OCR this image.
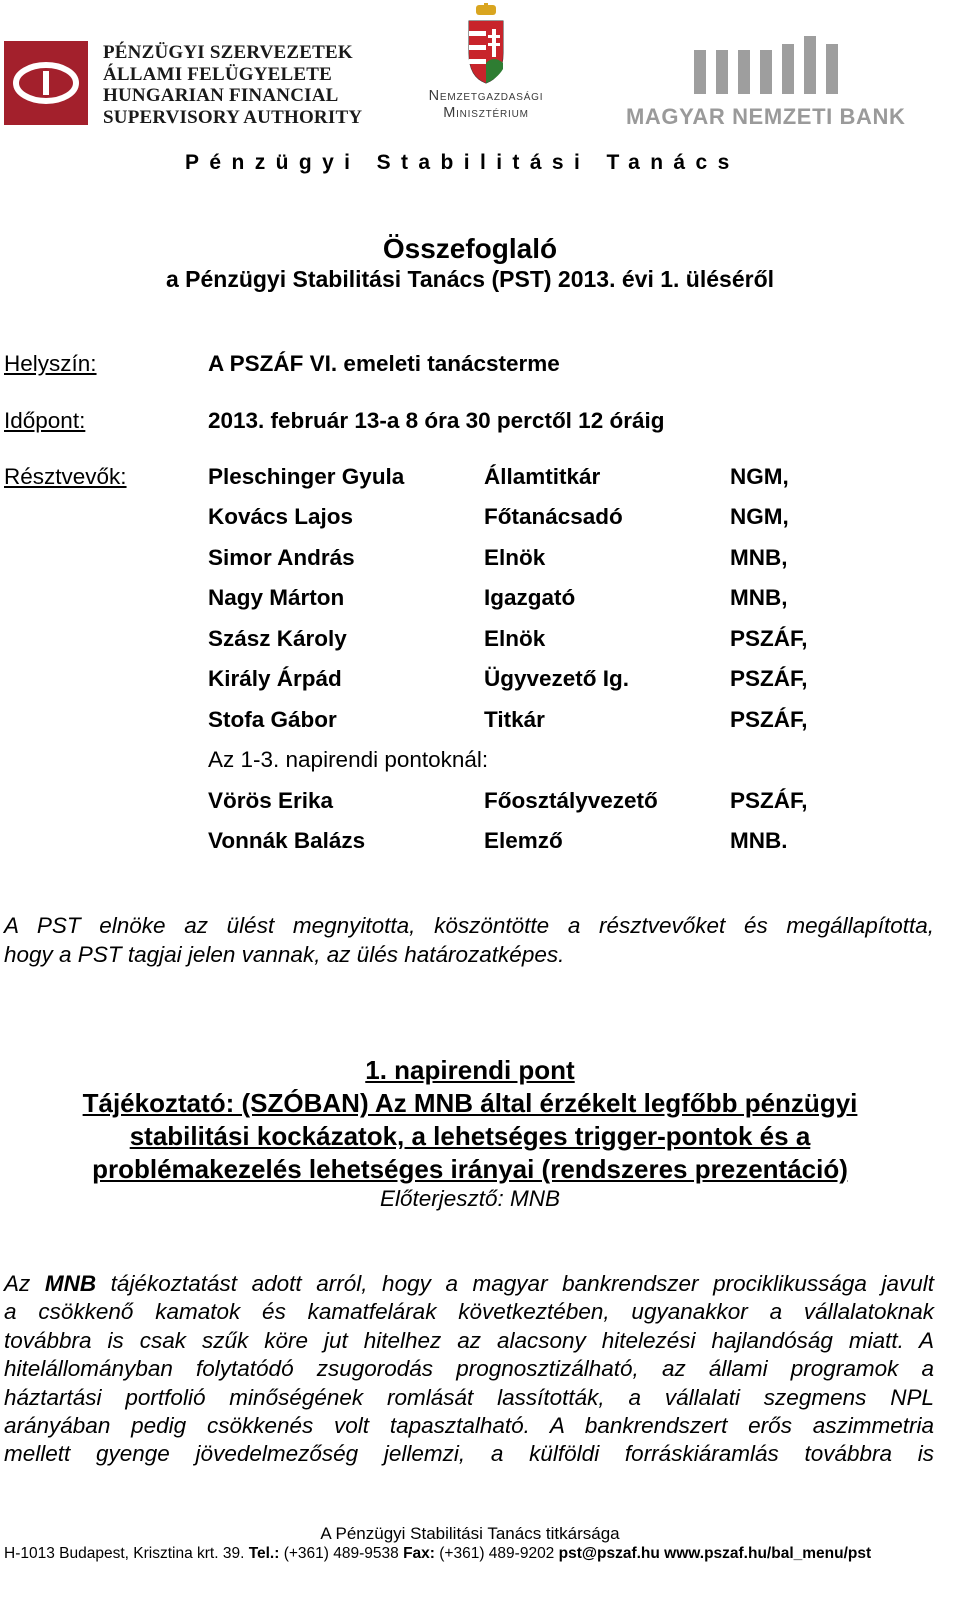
PÉNZÜGYI SZERVEZETEK
ÁLLAMI FELÜGYELETE
HUNGARIAN FINANCIAL
SUPERVISORY AUTHORITY
Nemzetgazdasági
Minisztérium	MAGYAR NEMZETI BANK
Pénzügyi Stabilitási Tanács
Összefoglaló
a Pénzügyi Stabilitási Tanács (PST) 2013. évi 1. üléséről
Helyszín:	A PSZÁF VI. emeleti tanácsterme
Időpont:	2013. február 13-a 8 óra 30 perctől 12 óráig
Résztvevők:	Pleschinger Gyula	Államtitkár	NGM,
Kovács Lajos	Főtanácsadó	NGM,
Simor András	Elnök	MNB,
Nagy Márton	Igazgató	MNB,
Szász Károly	Elnök	PSZÁF,
Király Árpád	Ügyvezető Ig.	PSZÁF,
Stofa Gábor	Titkár	PSZÁF,
Az 1-3. napirendi pontoknál:
Vörös Erika	Főosztályvezető	PSZÁF,
Vonnák Balázs	Elemző	MNB.
A PST elnöke az ülést megnyitotta, köszöntötte a résztvevőket és megállapította,
hogy a PST tagjai jelen vannak, az ülés határozatképes.
1. napirendi pont
Tájékoztató: (SZÓBAN) Az MNB által érzékelt legfőbb pénzügyi
stabilitási kockázatok, a lehetséges trigger-pontok és a
problémakezelés lehetséges irányai (rendszeres prezentáció)
Előterjesztő: MNB
Az MNB tájékoztatást adott arról, hogy a magyar bankrendszer prociklikussága javult
a csökkenő kamatok és kamatfelárak következtében, ugyanakkor a vállalatoknak
továbbra is csak szűk köre jut hitelhez az alacsony hitelezési hajlandóság miatt. A
hitelállományban folytatódó zsugorodás prognosztizálható, az állami programok a
háztartási portfolió minőségének romlását lassították, a vállalati szegmens NPL
arányában pedig csökkenés volt tapasztalható. A bankrendszert erős aszimmetria
mellett gyenge jövedelmezőség jellemzi, a külföldi forráskiáramlás továbbra is
A Pénzügyi Stabilitási Tanács titkársága
H-1013 Budapest, Krisztina krt. 39. Tel.: (+361) 489-9538 Fax: (+361) 489-9202 pst@pszaf.hu www.pszaf.hu/bal_menu/pst
